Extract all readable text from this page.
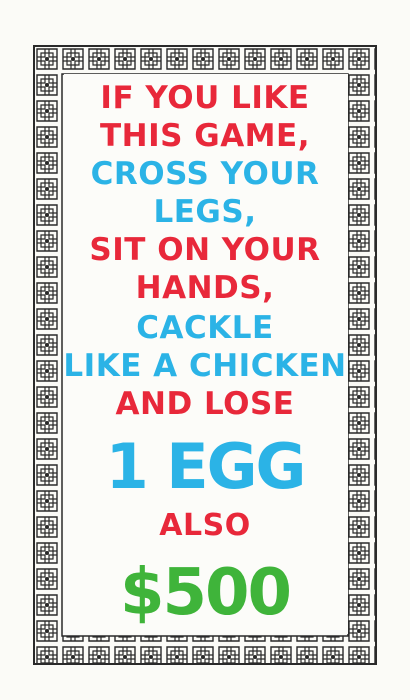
IF YOU LIKE
THIS GAME,
CROSS YOUR
LEGS,
SIT ON YOUR
HANDS,
CACKLE
LIKE A CHICKEN
AND LOSE
1 EGG
ALSO
$500
